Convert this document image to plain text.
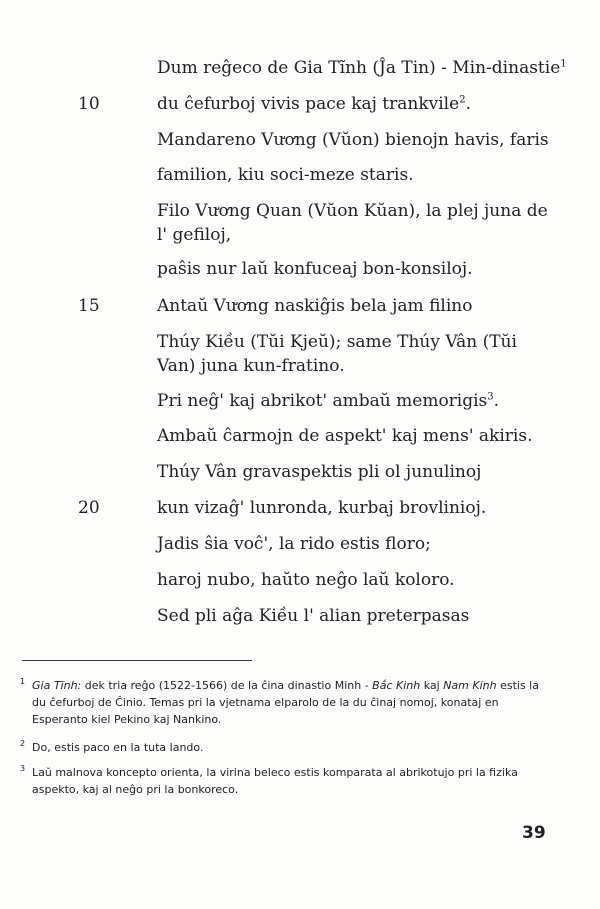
Dum reĝeco de Gia Tĩnh (Ĵa Tin) - Min-dinastie$^1$
du ĉefurboj vivis pace kaj trankvile$^2$.
Mandareno Vương (Vŭon) bienojn havis, faris
familion, kiu soci-meze staris.
Filo Vương Quan (Vŭon Kŭan), la plej juna de l' gefiloj,
paŝis nur laŭ konfuceaj bon-konsiloj.
Antaŭ Vương naskiĝis bela jam filino
Thúy Kiều (Tŭi Kjeŭ); same Thúy Vân (Tŭi Van) juna kun-fratino.
Pri neĝ' kaj abrikot' ambaŭ memorigis$^3$.
Ambaŭ ĉarmojn de aspekt' kaj mens' akiris.
Thúy Vân gravaspektis pli ol junulinoj
kun vizaĝ' lunronda, kurbaj brovlinioj.
Jadis ŝia voĉ', la rido estis floro;
haroj nubo, haŭto neĝo laŭ koloro.
Sed pli aĝa Kiều l' alian preterpasas
10
15
20
1 Gia Tĩnh: dek tria reĝo (1522-1566) de la ĉina dinastio Minh - Bắc Kinh kaj Nam Kinh estis la du ĉefurboj de Ĉinio. Temas pri la vjetnama elparolo de la du ĉinaj nomoj, konataj en Esperanto kiel Pekino kaj Nankino.
2 Do, estis paco en la tuta lando.
3 Laŭ malnova koncepto orienta, la virina beleco estis komparata al abrikotujo pri la fizika aspekto, kaj al neĝo pri la bonkoreco.
39
